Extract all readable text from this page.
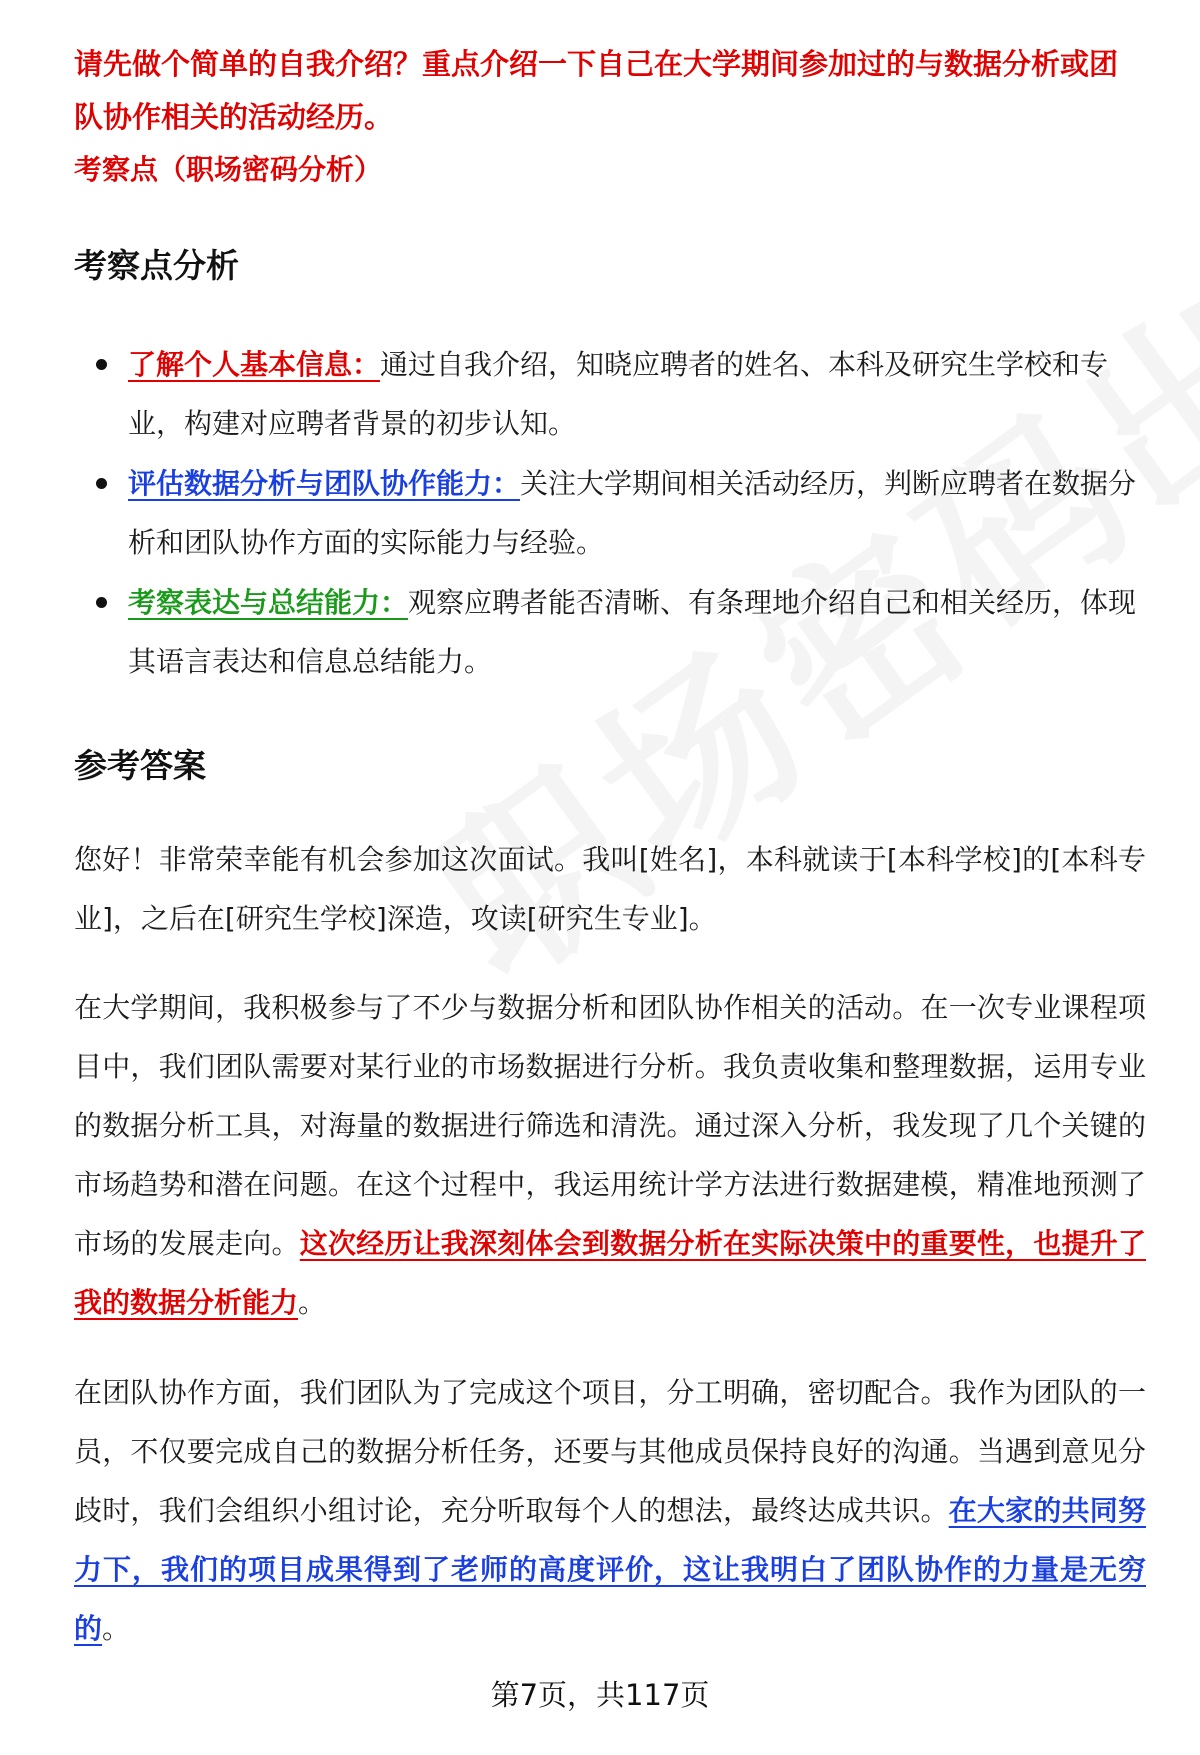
请先做个简单的自我介绍？重点介绍一下自己在大学期间参加过的与数据分析或团队协作相关的活动经历。

考察点（职场密码分析）

考察点分析
了解个人基本信息：通过自我介绍，知晓应聘者的姓名、本科及研究生学校和专业，构建对应聘者背景的初步认知。
评估数据分析与团队协作能力：关注大学期间相关活动经历，判断应聘者在数据分析和团队协作方面的实际能力与经验。
考察表达与总结能力：观察应聘者能否清晰、有条理地介绍自己和相关经历，体现其语言表达和信息总结能力。
参考答案

您好！非常荣幸能有机会参加这次面试。我叫[姓名]，本科就读于[本科学校]的[本科专业]，之后在[研究生学校]深造，攻读[研究生专业]。

在大学期间，我积极参与了不少与数据分析和团队协作相关的活动。在一次专业课程项目中，我们团队需要对某行业的市场数据进行分析。我负责收集和整理数据，运用专业的数据分析工具，对海量的数据进行筛选和清洗。通过深入分析，我发现了几个关键的市场趋势和潜在问题。在这个过程中，我运用统计学方法进行数据建模，精准地预测了市场的发展走向。这次经历让我深刻体会到数据分析在实际决策中的重要性，也提升了我的数据分析能力。

在团队协作方面，我们团队为了完成这个项目，分工明确，密切配合。我作为团队的一员，不仅要完成自己的数据分析任务，还要与其他成员保持良好的沟通。当遇到意见分歧时，我们会组织小组讨论，充分听取每个人的想法，最终达成共识。在大家的共同努力下，我们的项目成果得到了老师的高度评价，这让我明白了团队协作的力量是无穷的。

第7页，共117页
